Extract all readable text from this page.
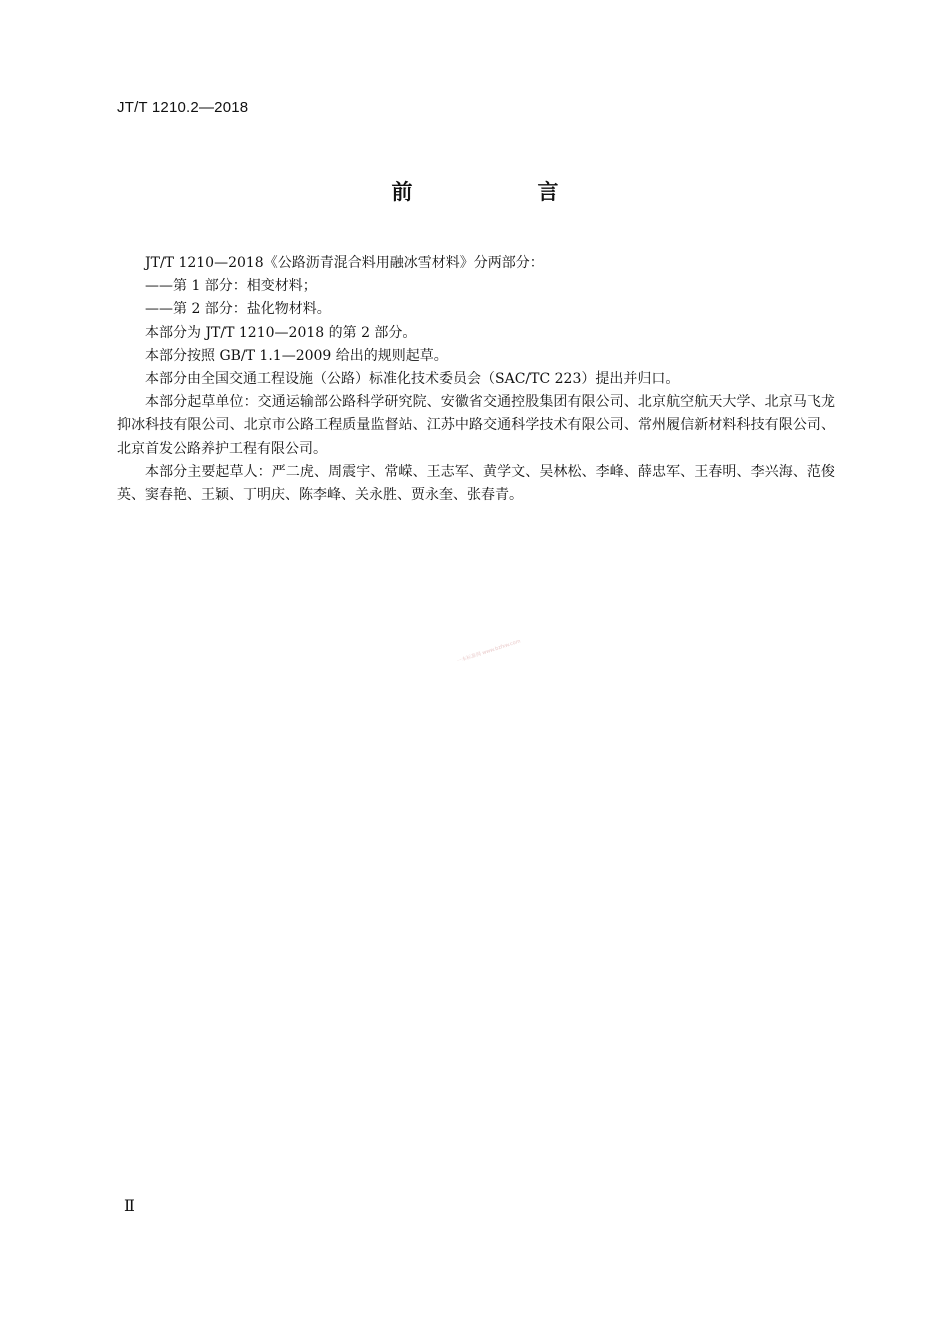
JT/T 1210.2—2018
前　言

JT/T 1210—2018《公路沥青混合料用融冰雪材料》分两部分：

——第 1 部分：相变材料；

——第 2 部分：盐化物材料。

本部分为 JT/T 1210—2018 的第 2 部分。

本部分按照 GB/T 1.1—2009 给出的规则起草。

本部分由全国交通工程设施（公路）标准化技术委员会（SAC/TC 223）提出并归口。

本部分起草单位：交通运输部公路科学研究院、安徽省交通控股集团有限公司、北京航空航天大学、北京马飞龙抑冰科技有限公司、北京市公路工程质量监督站、江苏中路交通科学技术有限公司、常州履信新材料科技有限公司、北京首发公路养护工程有限公司。

本部分主要起草人：严二虎、周震宇、常嵘、王志军、黄学文、吴林松、李峰、薛忠军、王春明、李兴海、范俊英、窦春艳、王颖、丁明庆、陈李峰、关永胜、贾永奎、张春青。

一本标准网 www.bzfxw.com
Ⅱ
